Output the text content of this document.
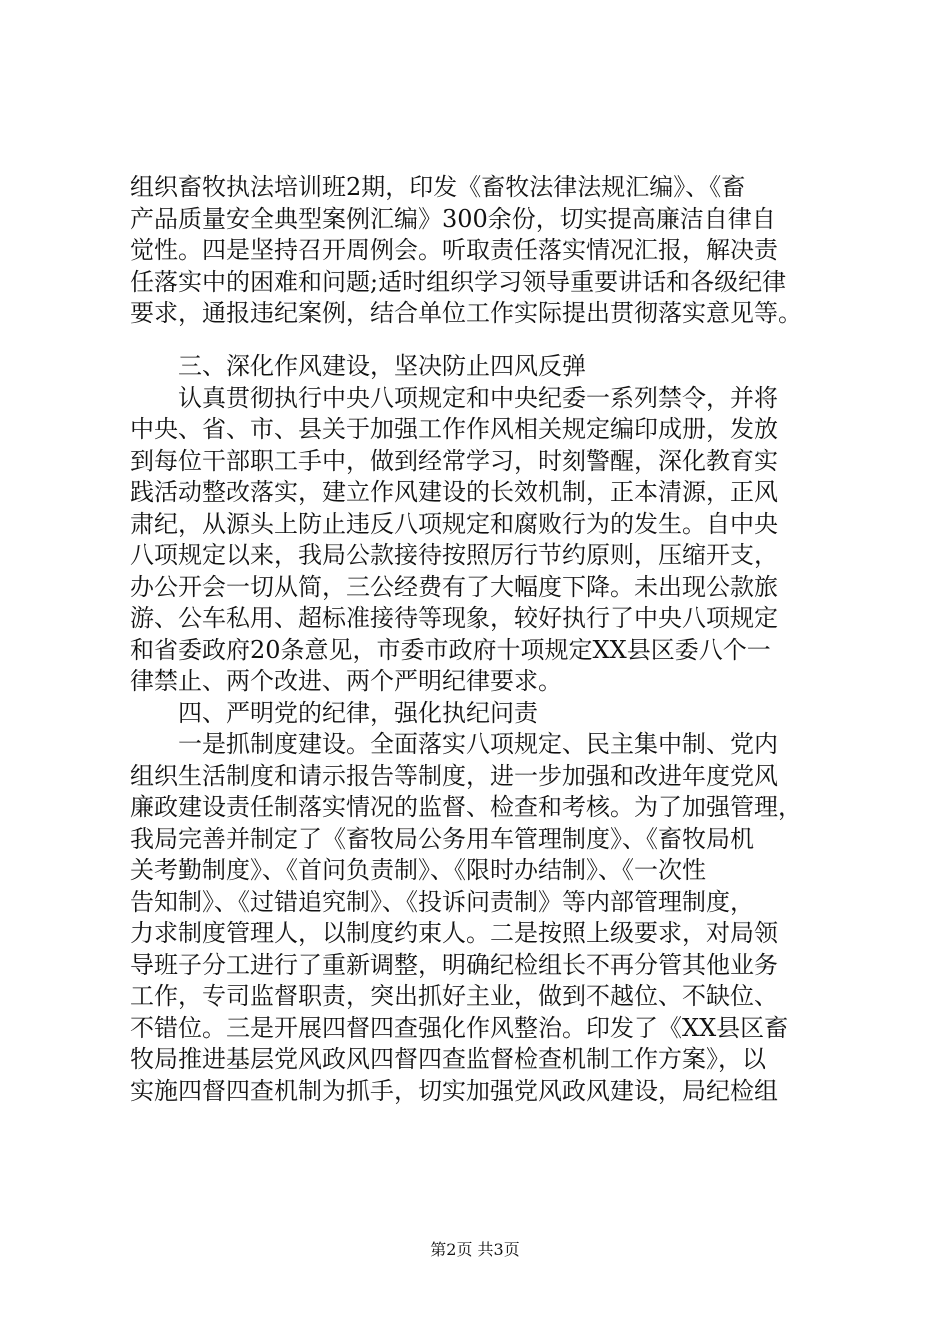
组织畜牧执法培训班2期，印发《畜牧法律法规汇编》、《畜
产品质量安全典型案例汇编》300余份，切实提高廉洁自律自
觉性。四是坚持召开周例会。听取责任落实情况汇报，解决责
任落实中的困难和问题;适时组织学习领导重要讲话和各级纪律
要求，通报违纪案例，结合单位工作实际提出贯彻落实意见等。
三、深化作风建设，坚决防止四风反弹
认真贯彻执行中央八项规定和中央纪委一系列禁令，并将
中央、省、市、县关于加强工作作风相关规定编印成册，发放
到每位干部职工手中，做到经常学习，时刻警醒，深化教育实
践活动整改落实，建立作风建设的长效机制，正本清源，正风
肃纪，从源头上防止违反八项规定和腐败行为的发生。自中央
八项规定以来，我局公款接待按照厉行节约原则，压缩开支，
办公开会一切从简，三公经费有了大幅度下降。未出现公款旅
游、公车私用、超标准接待等现象，较好执行了中央八项规定
和省委政府20条意见，市委市政府十项规定XX县区委八个一
律禁止、两个改进、两个严明纪律要求。
四、严明党的纪律，强化执纪问责
一是抓制度建设。全面落实八项规定、民主集中制、党内
组织生活制度和请示报告等制度，进一步加强和改进年度党风
廉政建设责任制落实情况的监督、检查和考核。为了加强管理，
我局完善并制定了《畜牧局公务用车管理制度》、《畜牧局机
关考勤制度》、《首问负责制》、《限时办结制》、《一次性
告知制》、《过错追究制》、《投诉问责制》等内部管理制度，
力求制度管理人，以制度约束人。二是按照上级要求，对局领
导班子分工进行了重新调整，明确纪检组长不再分管其他业务
工作，专司监督职责，突出抓好主业，做到不越位、不缺位、
不错位。三是开展四督四查强化作风整治。印发了《XX县区畜
牧局推进基层党风政风四督四查监督检查机制工作方案》，以
实施四督四查机制为抓手，切实加强党风政风建设，局纪检组
第2页 共3页
